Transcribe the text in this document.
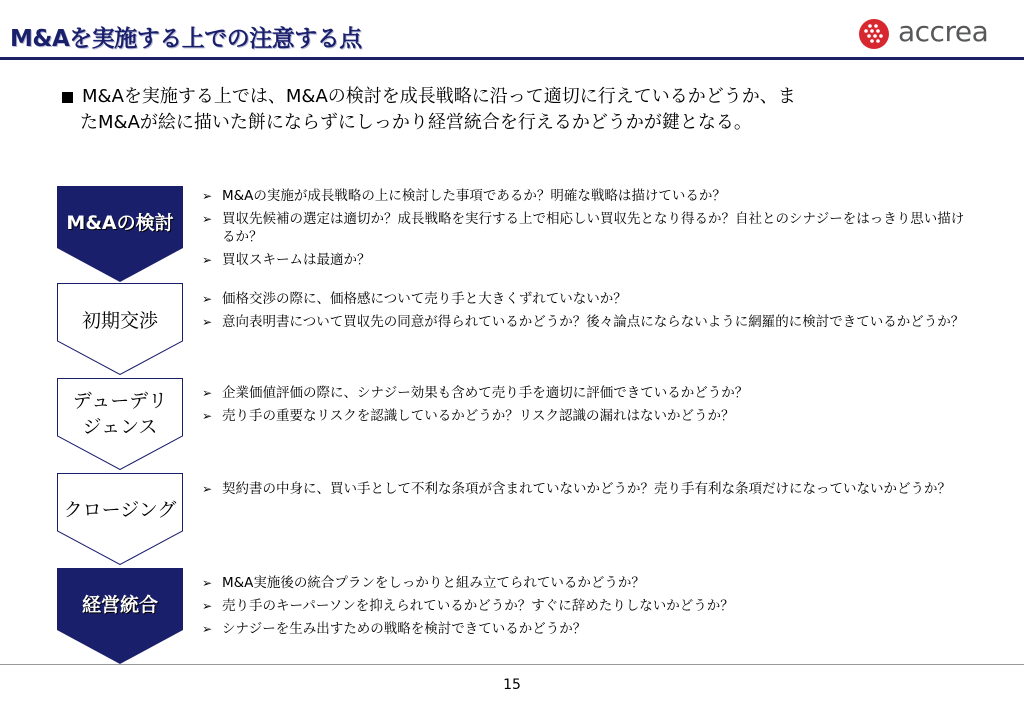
M&Aを実施する上での注意する点	accrea
M&Aを実施する上では、M&Aの検討を成長戦略に沿って適切に行えているかどうか、ま
たM&Aが絵に描いた餅にならずにしっかり経営統合を行えるかどうかが鍵となる。
M&Aの検討
初期交渉
デューデリ
ジェンス
クロージング
経営統合
➢ M&Aの実施が成長戦略の上に検討した事項であるか？明確な戦略は描けているか？
➢ 買収先候補の選定は適切か？成長戦略を実行する上で相応しい買収先となり得るか？自社とのシナジーをはっきり思い描けるか？
➢ 買収スキームは最適か？
➢ 価格交渉の際に、価格感について売り手と大きくずれていないか？
➢ 意向表明書について買収先の同意が得られているかどうか？後々論点にならないように網羅的に検討できているかどうか？
➢ 企業価値評価の際に、シナジー効果も含めて売り手を適切に評価できているかどうか？
➢ 売り手の重要なリスクを認識しているかどうか？リスク認識の漏れはないかどうか？
➢ 契約書の中身に、買い手として不利な条項が含まれていないかどうか？売り手有利な条項だけになっていないかどうか？
➢ M&A実施後の統合プランをしっかりと組み立てられているかどうか？
➢ 売り手のキーパーソンを抑えられているかどうか？すぐに辞めたりしないかどうか？
➢ シナジーを生み出すための戦略を検討できているかどうか？
15
